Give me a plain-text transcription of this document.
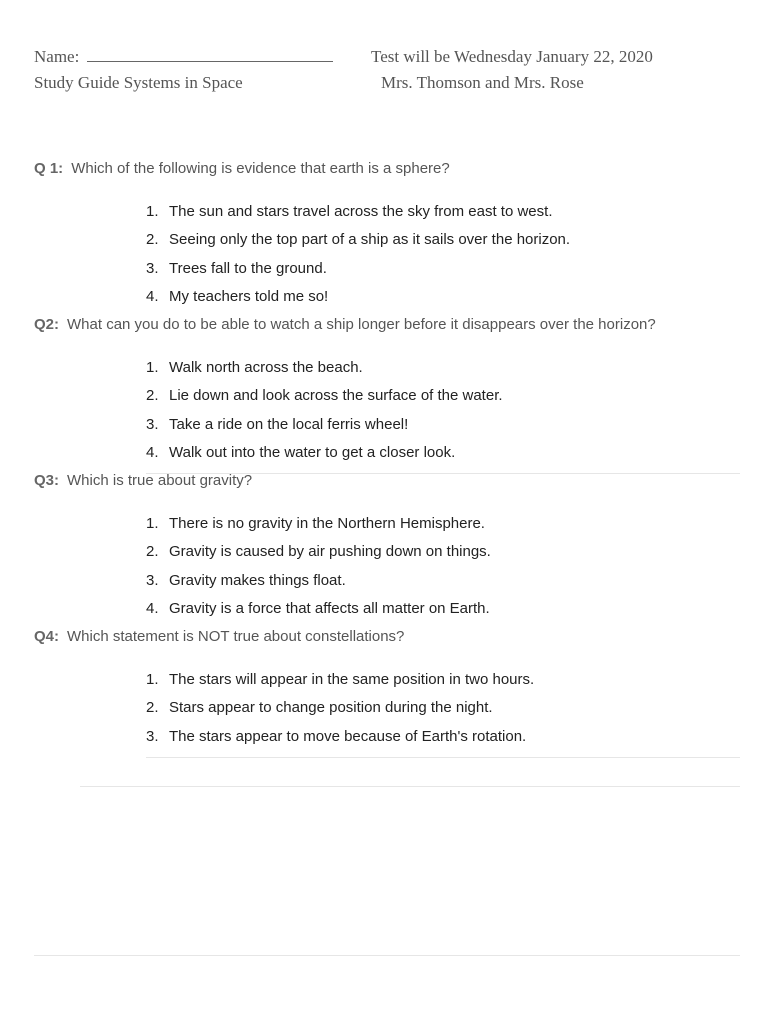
Name:
Study Guide Systems in Space
Test will be Wednesday January 22, 2020
Mrs. Thomson and Mrs. Rose
Q 1: Which of the following is evidence that earth is a sphere?
1. The sun and stars travel across the sky from east to west.
2. Seeing only the top part of a ship as it sails over the horizon.
3. Trees fall to the ground.
4. My teachers told me so!
Q2: What can you do to be able to watch a ship longer before it disappears over the horizon?
1. Walk north across the beach.
2. Lie down and look across the surface of the water.
3. Take a ride on the local ferris wheel!
4. Walk out into the water to get a closer look.
Q3: Which is true about gravity?
1. There is no gravity in the Northern Hemisphere.
2. Gravity is caused by air pushing down on things.
3. Gravity makes things float.
4. Gravity is a force that affects all matter on Earth.
Q4: Which statement is NOT true about constellations?
1. The stars will appear in the same position in two hours.
2. Stars appear to change position during the night.
3. The stars appear to move because of Earth's rotation.
